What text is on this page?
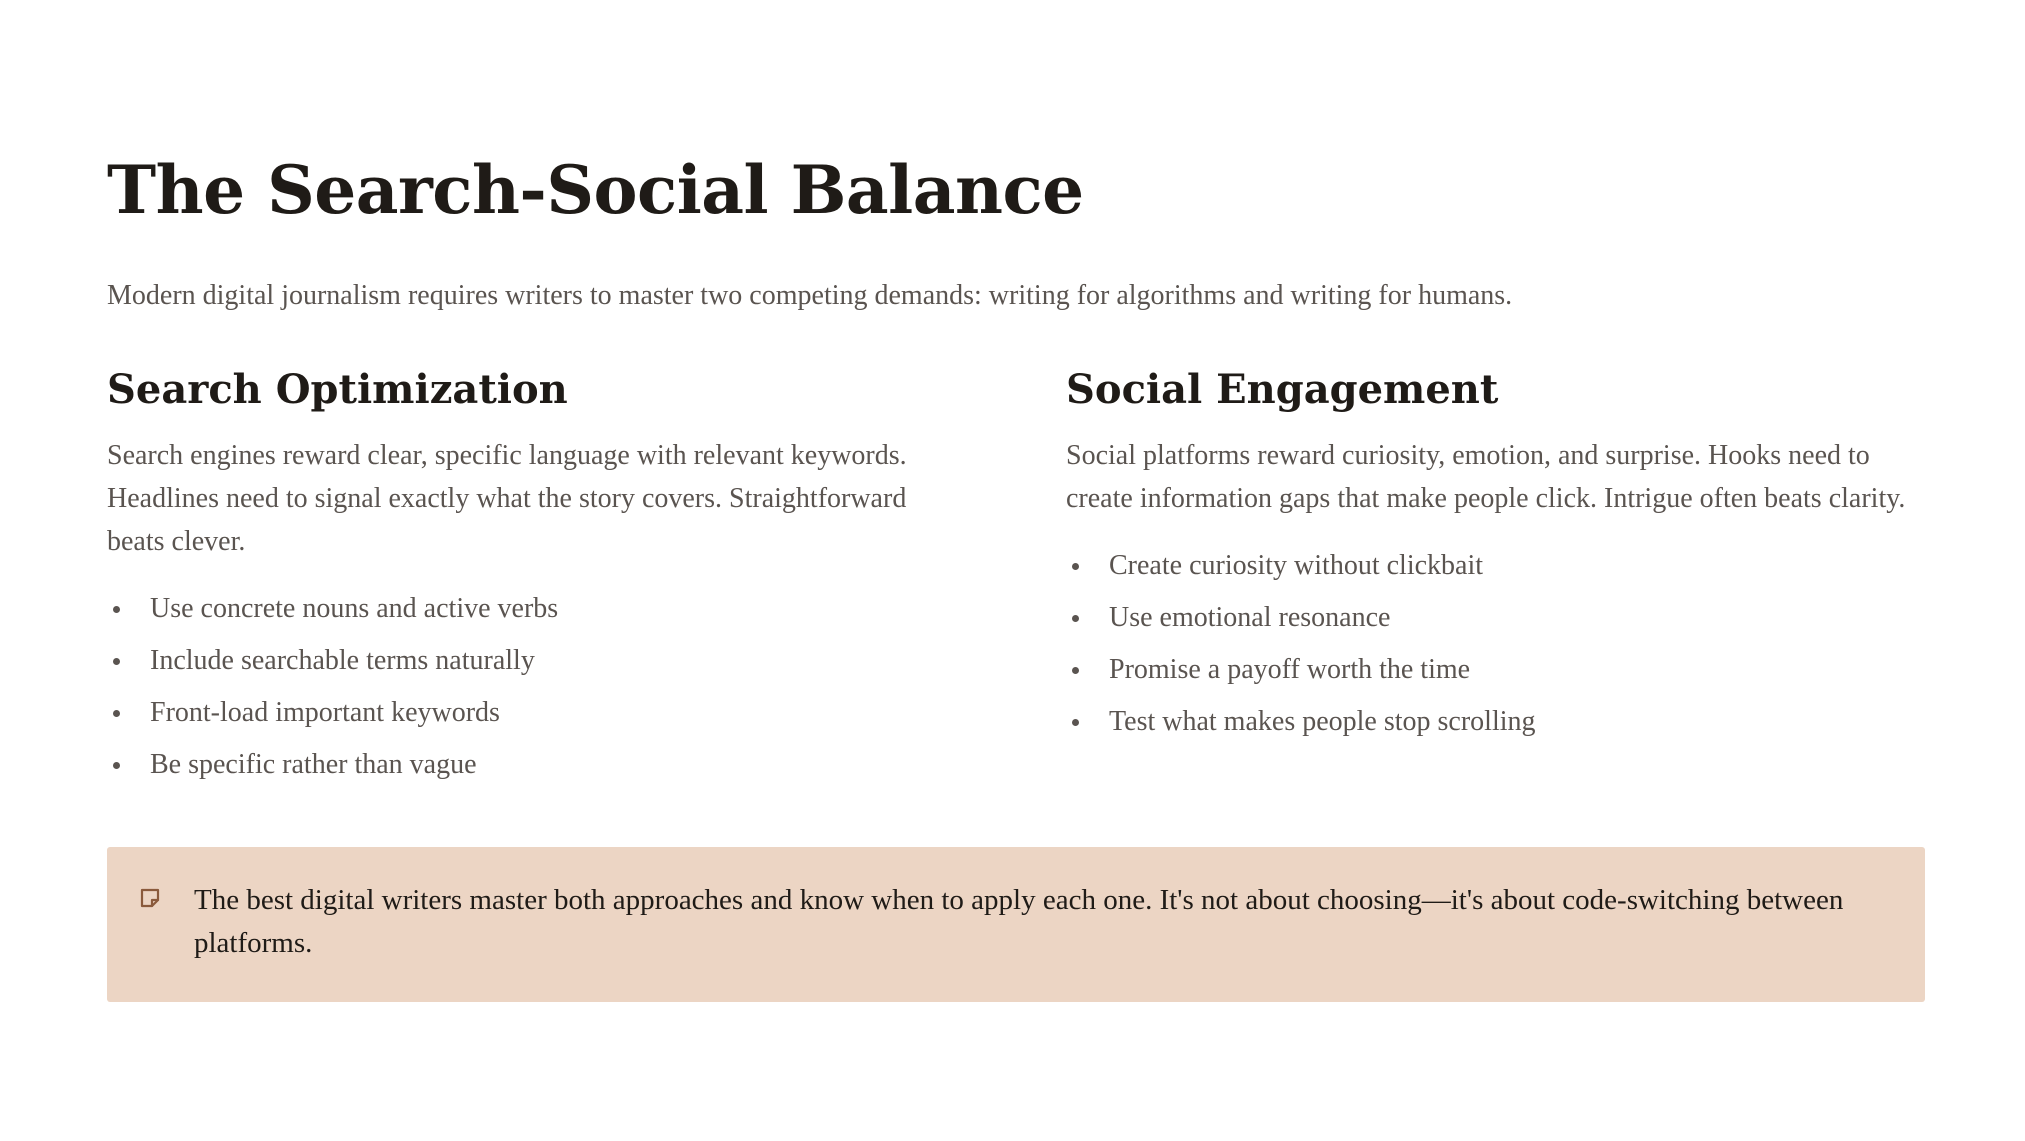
The Search-Social Balance

Modern digital journalism requires writers to master two competing demands: writing for algorithms and writing for humans.

Search Optimization

Search engines reward clear, specific language with relevant keywords. Headlines need to signal exactly what the story covers. Straightforward beats clever.

Use concrete nouns and active verbs
Include searchable terms naturally
Front-load important keywords
Be specific rather than vague
Social Engagement

Social platforms reward curiosity, emotion, and surprise. Hooks need to create information gaps that make people click. Intrigue often beats clarity.

Create curiosity without clickbait
Use emotional resonance
Promise a payoff worth the time
Test what makes people stop scrolling

The best digital writers master both approaches and know when to apply each one. It's not about choosing—it's about code-switching between platforms.
